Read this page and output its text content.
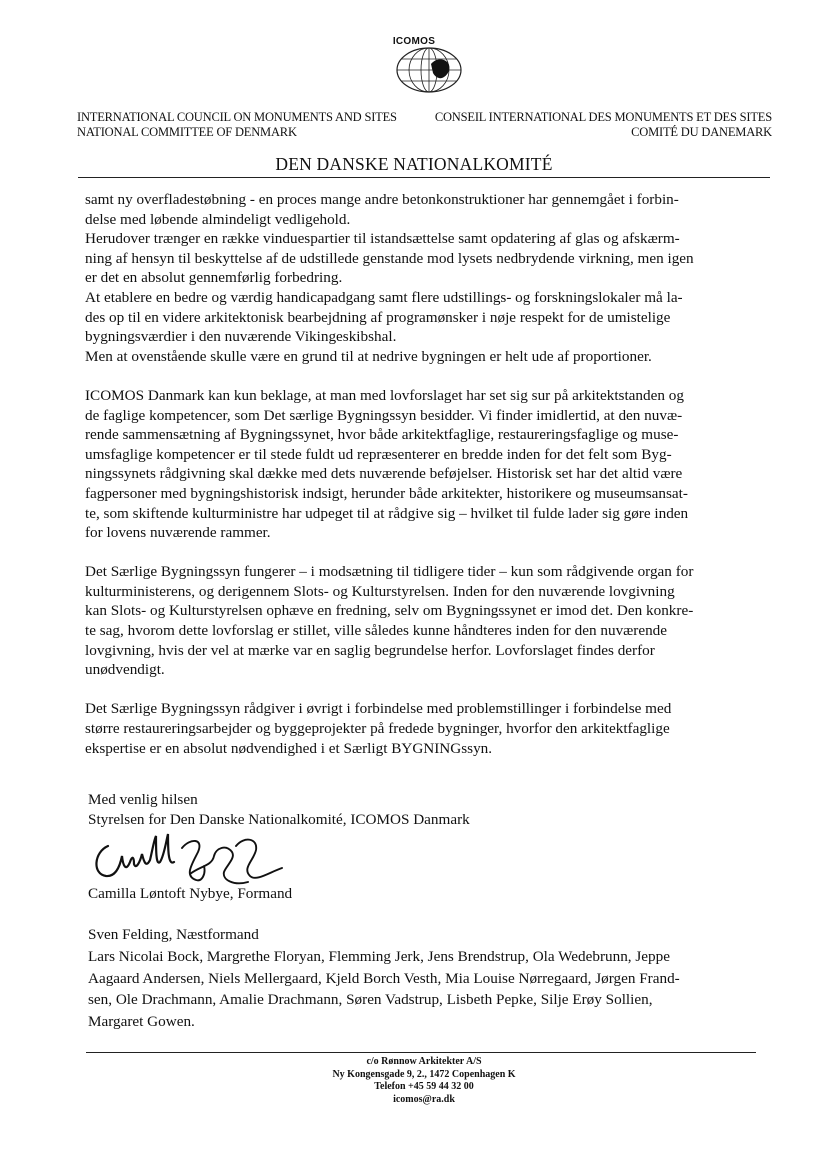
ICOMOS
INTERNATIONAL COUNCIL ON MONUMENTS AND SITES
NATIONAL COMMITTEE OF DENMARK
CONSEIL INTERNATIONAL DES MONUMENTS ET DES SITES
COMITÉ DU DANEMARK
DEN DANSKE NATIONALKOMITÉ
samt ny overfladestøbning - en proces mange andre betonkonstruktioner har gennemgået i forbin-
delse med løbende almindeligt vedligehold.
Herudover trænger en række vinduespartier til istandsættelse samt opdatering af glas og afskærm-
ning af hensyn til beskyttelse af de udstillede genstande mod lysets nedbrydende virkning, men igen
er det en absolut gennemførlig forbedring.
At etablere en bedre og værdig handicapadgang samt flere udstillings- og forskningslokaler må la-
des op til en videre arkitektonisk bearbejdning af programønsker i nøje respekt for de umistelige
bygningsværdier i den nuværende Vikingeskibshal.
Men at ovenstående skulle være en grund til at nedrive bygningen er helt ude af proportioner.
ICOMOS Danmark kan kun beklage, at man med lovforslaget har set sig sur på arkitektstanden og
de faglige kompetencer, som Det særlige Bygningssyn besidder. Vi finder imidlertid, at den nuvæ-
rende sammensætning af Bygningssynet, hvor både arkitektfaglige, restaureringsfaglige og muse-
umsfaglige kompetencer er til stede fuldt ud repræsenterer en bredde inden for det felt som Byg-
ningssynets rådgivning skal dække med dets nuværende beføjelser. Historisk set har det altid være
fagpersoner med bygningshistorisk indsigt, herunder både arkitekter, historikere og museumsansat-
te, som skiftende kulturministre har udpeget til at rådgive sig – hvilket til fulde lader sig gøre inden
for lovens nuværende rammer.
Det Særlige Bygningssyn fungerer – i modsætning til tidligere tider – kun som rådgivende organ for
kulturministerens, og derigennem Slots- og Kulturstyrelsen. Inden for den nuværende lovgivning
kan Slots- og Kulturstyrelsen ophæve en fredning, selv om Bygningssynet er imod det. Den konkre-
te sag, hvorom dette lovforslag er stillet, ville således kunne håndteres inden for den nuværende
lovgivning, hvis der vel at mærke var en saglig begrundelse herfor. Lovforslaget findes derfor
unødvendigt.
Det Særlige Bygningssyn rådgiver i øvrigt i forbindelse med problemstillinger i forbindelse med
større restaureringsarbejder og byggeprojekter på fredede bygninger, hvorfor den arkitektfaglige
ekspertise er en absolut nødvendighed i et Særligt BYGNINGssyn.
Med venlig hilsen
Styrelsen for Den Danske Nationalkomité, ICOMOS Danmark
Camilla Løntoft Nybye, Formand
Sven Felding, Næstformand
Lars Nicolai Bock, Margrethe Floryan, Flemming Jerk, Jens Brendstrup, Ola Wedebrunn, Jeppe
Aagaard Andersen, Niels Mellergaard, Kjeld Borch Vesth, Mia Louise Nørregaard, Jørgen Frand-
sen, Ole Drachmann, Amalie Drachmann, Søren Vadstrup, Lisbeth Pepke, Silje Erøy Sollien,
Margaret Gowen.
c/o Rønnow Arkitekter A/S
Ny Kongensgade 9, 2., 1472 Copenhagen K
Telefon +45 59 44 32 00
icomos@ra.dk
